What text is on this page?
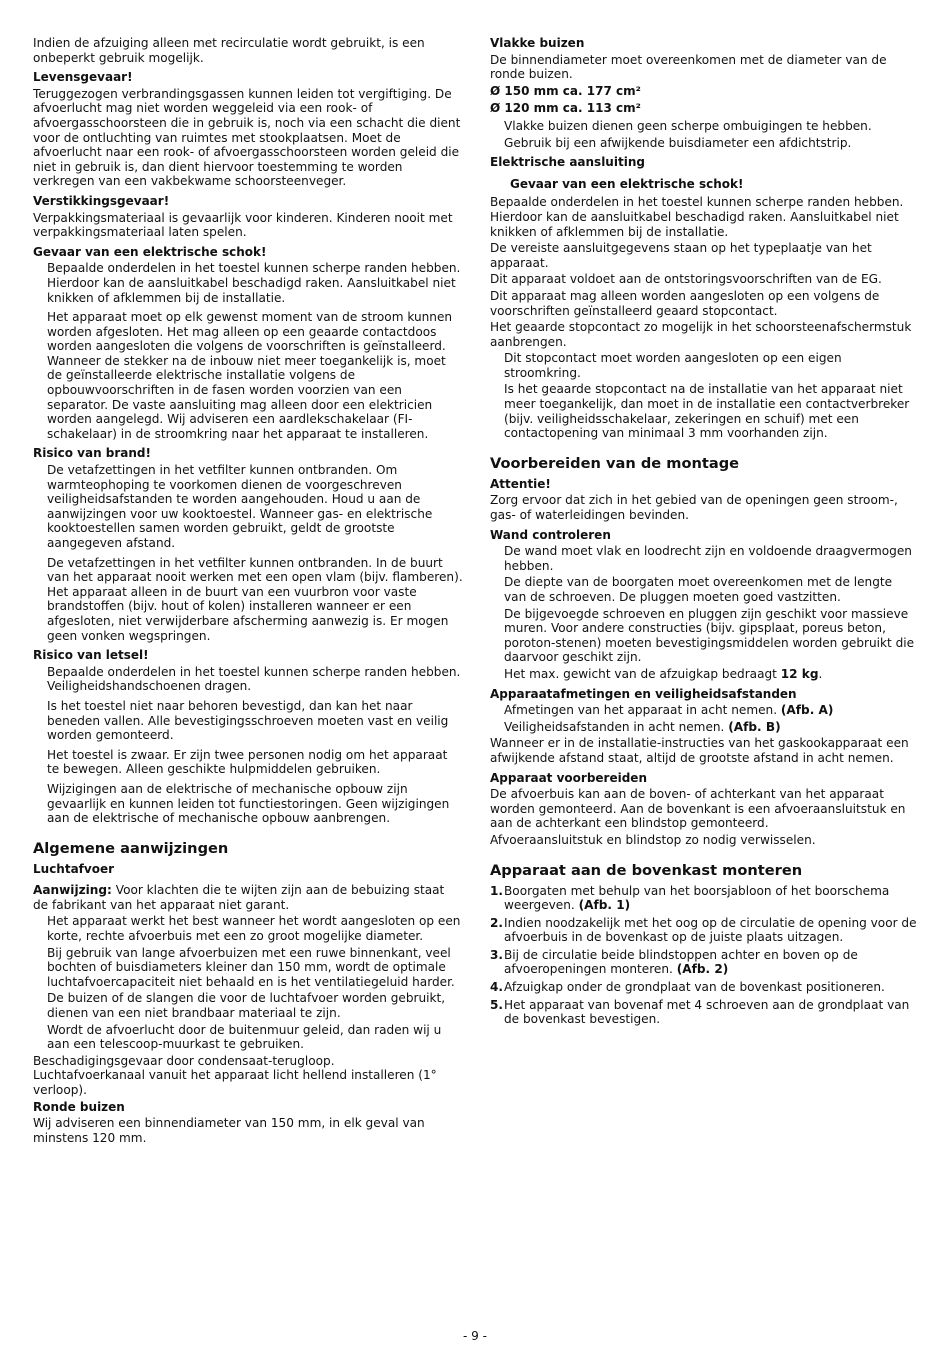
Indien de afzuiging alleen met recirculatie wordt gebruikt, is een onbeperkt gebruik mogelijk.

Levensgevaar!

Teruggezogen verbrandingsgassen kunnen leiden tot vergiftiging. De afvoerlucht mag niet worden weggeleid via een rook- of afvoergasschoorsteen die in gebruik is, noch via een schacht die dient voor de ontluchting van ruimtes met stookplaatsen. Moet de afvoerlucht naar een rook- of afvoergasschoorsteen worden geleid die niet in gebruik is, dan dient hiervoor toestemming te worden verkregen van een vakbekwame schoorsteenveger.

Verstikkingsgevaar!

Verpakkingsmateriaal is gevaarlijk voor kinderen. Kinderen nooit met verpakkingsmateriaal laten spelen.

Gevaar van een elektrische schok!

Bepaalde onderdelen in het toestel kunnen scherpe randen hebben. Hierdoor kan de aansluitkabel beschadigd raken. Aansluitkabel niet knikken of afklemmen bij de installatie.

Het apparaat moet op elk gewenst moment van de stroom kunnen worden afgesloten. Het mag alleen op een geaarde contactdoos worden aangesloten die volgens de voorschriften is geïnstalleerd. Wanneer de stekker na de inbouw niet meer toegankelijk is, moet de geïnstalleerde elektrische installatie volgens de opbouwvoorschriften in de fasen worden voorzien van een separator. De vaste aansluiting mag alleen door een elektricien worden aangelegd. Wij adviseren een aardlekschakelaar (FI-schakelaar) in de stroomkring naar het apparaat te installeren.

Risico van brand!

De vetafzettingen in het vetfilter kunnen ontbranden. Om warmteophoping te voorkomen dienen de voorgeschreven veiligheidsafstanden te worden aangehouden. Houd u aan de aanwijzingen voor uw kooktoestel. Wanneer gas- en elektrische kooktoestellen samen worden gebruikt, geldt de grootste aangegeven afstand.

De vetafzettingen in het vetfilter kunnen ontbranden. In de buurt van het apparaat nooit werken met een open vlam (bijv. flamberen). Het apparaat alleen in de buurt van een vuurbron voor vaste brandstoffen (bijv. hout of kolen) installeren wanneer er een afgesloten, niet verwijderbare afscherming aanwezig is. Er mogen geen vonken wegspringen.

Risico van letsel!

Bepaalde onderdelen in het toestel kunnen scherpe randen hebben. Veiligheidshandschoenen dragen.

Is het toestel niet naar behoren bevestigd, dan kan het naar beneden vallen. Alle bevestigingsschroeven moeten vast en veilig worden gemonteerd.

Het toestel is zwaar. Er zijn twee personen nodig om het apparaat te bewegen. Alleen geschikte hulpmiddelen gebruiken.

Wijzigingen aan de elektrische of mechanische opbouw zijn gevaarlijk en kunnen leiden tot functiestoringen. Geen wijzigingen aan de elektrische of mechanische opbouw aanbrengen.

Algemene aanwijzingen
Luchtafvoer

Aanwijzing: Voor klachten die te wijten zijn aan de bebuizing staat de fabrikant van het apparaat niet garant.

Het apparaat werkt het best wanneer het wordt aangesloten op een korte, rechte afvoerbuis met een zo groot mogelijke diameter.

Bij gebruik van lange afvoerbuizen met een ruwe binnenkant, veel bochten of buisdiameters kleiner dan 150 mm, wordt de optimale luchtafvoercapaciteit niet behaald en is het ventilatiegeluid harder.

De buizen of de slangen die voor de luchtafvoer worden gebruikt, dienen van een niet brandbaar materiaal te zijn.

Wordt de afvoerlucht door de buitenmuur geleid, dan raden wij u aan een telescoop-muurkast te gebruiken.

Beschadigingsgevaar door condensaat-terugloop.

Luchtafvoerkanaal vanuit het apparaat licht hellend installeren (1° verloop).

Ronde buizen

Wij adviseren een binnendiameter van 150 mm, in elk geval van minstens 120 mm.

Vlakke buizen

De binnendiameter moet overeenkomen met de diameter van de ronde buizen.

Ø 150 mm ca. 177 cm²
Ø 120 mm ca. 113 cm²

Vlakke buizen dienen geen scherpe ombuigingen te hebben.

Gebruik bij een afwijkende buisdiameter een afdichtstrip.

Elektrische aansluiting
Gevaar van een elektrische schok!

Bepaalde onderdelen in het toestel kunnen scherpe randen hebben. Hierdoor kan de aansluitkabel beschadigd raken. Aansluitkabel niet knikken of afklemmen bij de installatie.

De vereiste aansluitgegevens staan op het typeplaatje van het apparaat.

Dit apparaat voldoet aan de ontstoringsvoorschriften van de EG.

Dit apparaat mag alleen worden aangesloten op een volgens de voorschriften geïnstalleerd geaard stopcontact.

Het geaarde stopcontact zo mogelijk in het schoorsteenafschermstuk aanbrengen.

Dit stopcontact moet worden aangesloten op een eigen stroomkring.

Is het geaarde stopcontact na de installatie van het apparaat niet meer toegankelijk, dan moet in de installatie een contactverbreker (bijv. veiligheidsschakelaar, zekeringen en schuif) met een contactopening van minimaal 3 mm voorhanden zijn.

Voorbereiden van de montage
Attentie!

Zorg ervoor dat zich in het gebied van de openingen geen stroom-, gas- of waterleidingen bevinden.

Wand controleren

De wand moet vlak en loodrecht zijn en voldoende draagvermogen hebben.

De diepte van de boorgaten moet overeenkomen met de lengte van de schroeven. De pluggen moeten goed vastzitten.

De bijgevoegde schroeven en pluggen zijn geschikt voor massieve muren. Voor andere constructies (bijv. gipsplaat, poreus beton, poroton-stenen) moeten bevestigingsmiddelen worden gebruikt die daarvoor geschikt zijn.

Het max. gewicht van de afzuigkap bedraagt 12 kg.

Apparaatafmetingen en veiligheidsafstanden

Afmetingen van het apparaat in acht nemen. (Afb. A)

Veiligheidsafstanden in acht nemen. (Afb. B)

Wanneer er in de installatie-instructies van het gaskookapparaat een afwijkende afstand staat, altijd de grootste afstand in acht nemen.

Apparaat voorbereiden

De afvoerbuis kan aan de boven- of achterkant van het apparaat worden gemonteerd. Aan de bovenkant is een afvoeraansluitstuk en aan de achterkant een blindstop gemonteerd.

Afvoeraansluitstuk en blindstop zo nodig verwisselen.

Apparaat aan de bovenkast monteren
1. Boorgaten met behulp van het boorsjabloon of het boorschema weergeven. (Afb. 1)
2. Indien noodzakelijk met het oog op de circulatie de opening voor de afvoerbuis in de bovenkast op de juiste plaats uitzagen.
3. Bij de circulatie beide blindstoppen achter en boven op de afvoeropeningen monteren. (Afb. 2)
4. Afzuigkap onder de grondplaat van de bovenkast positioneren.
5. Het apparaat van bovenaf met 4 schroeven aan de grondplaat van de bovenkast bevestigen.
- 9 -
